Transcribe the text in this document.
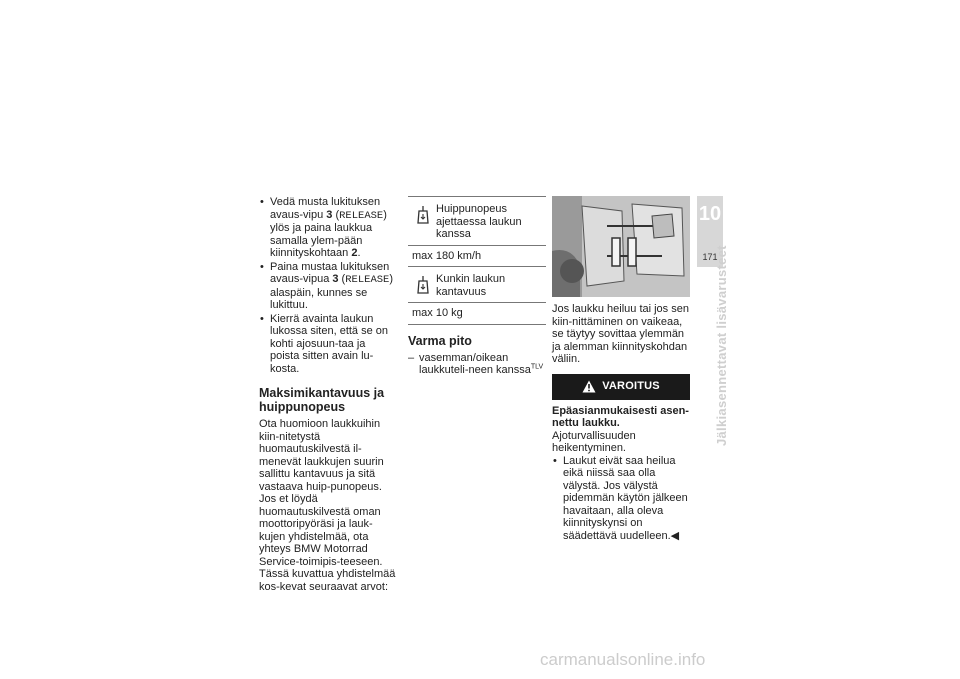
• Vedä musta lukituksen avaus-vipu 3 (RELEASE) ylös ja paina laukkua samalla ylem-pään kiinnityskohtaan 2.
• Paina mustaa lukituksen avaus-vipua 3 (RELEASE) alaspäin, kunnes se lukittuu.
• Kierrä avainta laukun lukossa siten, että se on kohti ajosuun-taa ja poista sitten avain lu-kosta.
Maksimikantavuus ja huippunopeus

Ota huomioon laukkuihin kiin-nitetystä huomautuskilvestä il-menevät laukkujen suurin sallittu kantavuus ja sitä vastaava huip-punopeus.

Jos et löydä huomautuskilvestä oman moottoripyöräsi ja lauk-kujen yhdistelmää, ota yhteys BMW Motorrad Service-toimipis-teeseen.

Tässä kuvattua yhdistelmää kos-kevat seuraavat arvot:

Huippunopeus ajettaessa laukun kanssa
max 180 km/h
Kunkin laukun kantavuus
max 10 kg
Varma pito
– vasemman/oikean laukkuteli-neen kanssa$^{TLV}$

Jos laukku heiluu tai jos sen kiin-nittäminen on vaikeaa, se täytyy sovittaa ylemmän ja alemman kiinnityskohdan väliin.

VAROITUS

Epäasianmukaisesti asen-nettu laukku.

Ajoturvallisuuden heikentyminen.

• Laukut eivät saa heilua eikä niissä saa olla välystä. Jos välystä pidemmän käytön jälkeen havaitaan, alla oleva kiinnityskynsi on säädettävä uudelleen.◀
10
171
Jälkiasennettavat lisävarusteet
carmanualsonline.info
